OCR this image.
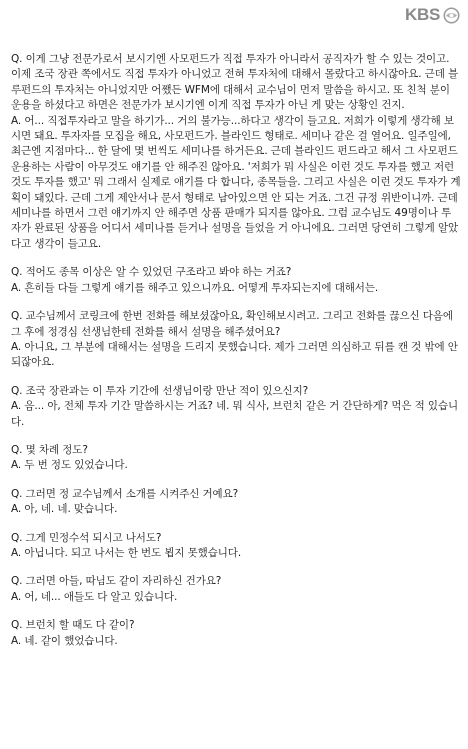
KBS
Q. 이게 그냥 전문가로서 보시기엔 사모펀드가 직접 투자가 아니라서 공직자가 할 수 있는 것이고. 이제 조국 장관 쪽에서도 직접 투자가 아니었고 전혀 투자처에 대해서 몰랐다고 하시잖아요. 근데 블루펀드의 투자처는 아니었지만 어쨌든 WFM에 대해서 교수님이 먼저 말씀을 하시고. 또 친척 분이 운용을 하셨다고 하면은 전문가가 보시기엔 이게 직접 투자가 아닌 게 맞는 상황인 건지.
A. 어... 직접투자라고 말을 하기가... 거의 불가능...하다고 생각이 들고요. 저희가 이렇게 생각해 보시면 돼요. 투자자를 모집을 해요, 사모펀드가. 블라인드 형태로. 세미나 같은 걸 열어요. 일주일에, 최근엔 지점마다... 한 달에 몇 번씩도 세미나를 하거든요. 근데 블라인드 펀드라고 해서 그 사모펀드 운용하는 사람이 아무것도 얘기를 안 해주진 않아요. '저희가 뭐 사실은 이런 것도 투자를 했고 저런 것도 투자를 했고' 뭐 그래서 실제로 얘기를 다 합니다, 종목들을. 그리고 사실은 이런 것도 투자가 계획이 돼있다. 근데 그게 제안서나 문서 형태로 남아있으면 안 되는 거죠. 그건 규정 위반이니까. 근데 세미나를 하면서 그런 얘기까지 안 해주면 상품 판매가 되지를 않아요. 그럼 교수님도 49명이나 투자가 완료된 상품을 어디서 세미나를 듣거나 설명을 들었을 거 아니에요. 그러면 당연히 그렇게 알았다고 생각이 들고요.
Q. 적어도 종목 이상은 알 수 있었던 구조라고 봐야 하는 거죠?
A. 흔히들 다들 그렇게 얘기를 해주고 있으니까요. 어떻게 투자되는지에 대해서는.
Q. 교수님께서 코링크에 한번 전화를 해보셨잖아요, 확인해보시려고. 그리고 전화를 끊으신 다음에 그 후에 정경심 선생님한테 전화를 해서 설명을 해주셨어요?
A. 아니요, 그 부분에 대해서는 설명을 드리지 못했습니다. 제가 그러면 의심하고 뒤를 캔 것 밖에 안 되잖아요.
Q. 조국 장관과는 이 투자 기간에 선생님이랑 만난 적이 있으신지?
A. 음... 아, 전체 투자 기간 말씀하시는 거죠? 네. 뭐 식사, 브런치 같은 거 간단하게? 먹은 적 있습니다.
Q. 몇 차례 정도?
A. 두 번 정도 있었습니다.
Q. 그러면 정 교수님께서 소개를 시켜주신 거예요?
A. 아, 네. 네. 맞습니다.
Q. 그게 민정수석 되시고 나서도?
A. 아닙니다. 되고 나서는 한 번도 뵙지 못했습니다.
Q. 그러면 아들, 따님도 같이 자리하신 건가요?
A. 어, 네... 애들도 다 알고 있습니다.
Q. 브런치 할 때도 다 같이?
A. 네. 같이 했었습니다.
